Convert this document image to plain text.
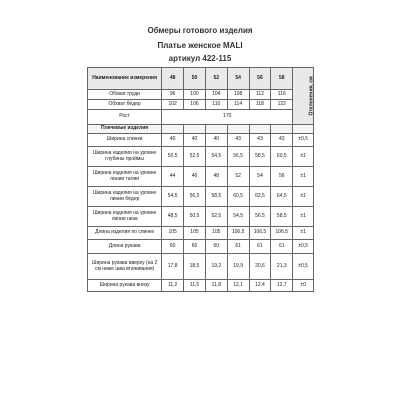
Обмеры готового изделия
Платье женское MALI
артикул 422-115
Наименование измерения	48	50	52	54	56	58	Отклонения, см
Обхват груди	96	100	104	108	112	116	
Обхват бёдер	102	106	110	114	118	122	
Рост	170						
Плечевые изделия							
Ширина спинки	40	40	40	43	43	43	±0,5
Ширина изделия на уровне глубины проймы	50,5	52,5	54,5	56,5	58,5	60,5	±1
Ширина изделия на уровне линии талии	44	46	48	52	54	56	±1
Ширина изделия на уровне линии бёдер	54,5	56,5	58,5	60,5	62,5	64,5	±1
Ширина изделия на уровне линии низа	48,5	50,5	52,5	54,5	56,5	58,5	±1
Длина изделия по спинке	105	105	105	106,5	106,5	106,5	±1
Длина рукава	60	60	60	61	61	61	±0,5
Ширина рукава вверху (на 2 см ниже шва втачивания)	17,8	18,5	19,2	19,9	20,6	21,3	±0,5
Ширина рукава внизу	11,2	11,5	11,8	12,1	12,4	12,7	±0
